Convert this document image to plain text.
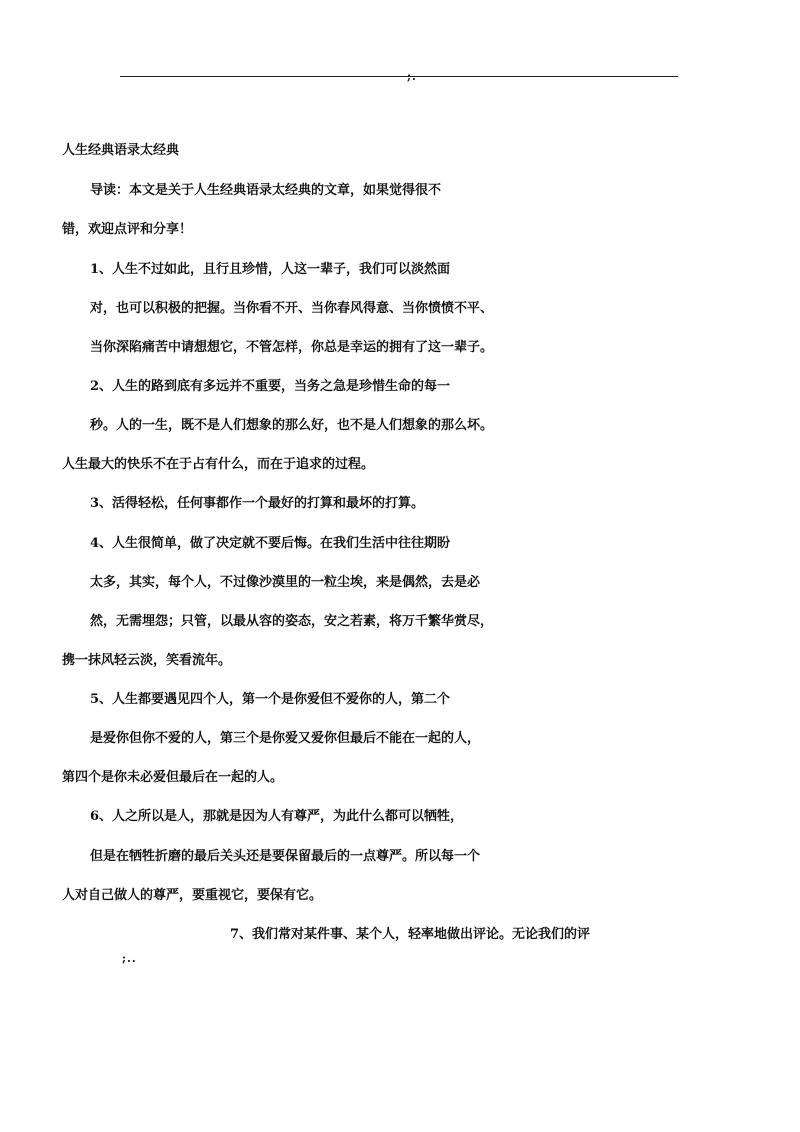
;.
人生经典语录太经典
导读：本文是关于人生经典语录太经典的文章，如果觉得很不
错，欢迎点评和分享！
1、人生不过如此，且行且珍惜，人这一辈子，我们可以淡然面
对，也可以积极的把握。当你看不开、当你春风得意、当你愤愤不平、
当你深陷痛苦中请想想它，不管怎样，你总是幸运的拥有了这一辈子。
2、人生的路到底有多远并不重要，当务之急是珍惜生命的每一
秒。人的一生，既不是人们想象的那么好，也不是人们想象的那么坏。
人生最大的快乐不在于占有什么，而在于追求的过程。
3、活得轻松，任何事都作一个最好的打算和最坏的打算。
4、人生很简单，做了决定就不要后悔。在我们生活中往往期盼
太多，其实，每个人，不过像沙漠里的一粒尘埃，来是偶然，去是必
然，无需埋怨；只管，以最从容的姿态，安之若素，将万千繁华赏尽，
携一抹风轻云淡，笑看流年。
5、人生都要遇见四个人，第一个是你爱但不爱你的人，第二个
是爱你但你不爱的人，第三个是你爱又爱你但最后不能在一起的人，
第四个是你未必爱但最后在一起的人。
6、人之所以是人，那就是因为人有尊严，为此什么都可以牺牲，
但是在牺牲折磨的最后关头还是要保留最后的一点尊严。所以每一个
人对自己做人的尊严，要重视它，要保有它。
7、我们常对某件事、某个人，轻率地做出评论。无论我们的评
;..
